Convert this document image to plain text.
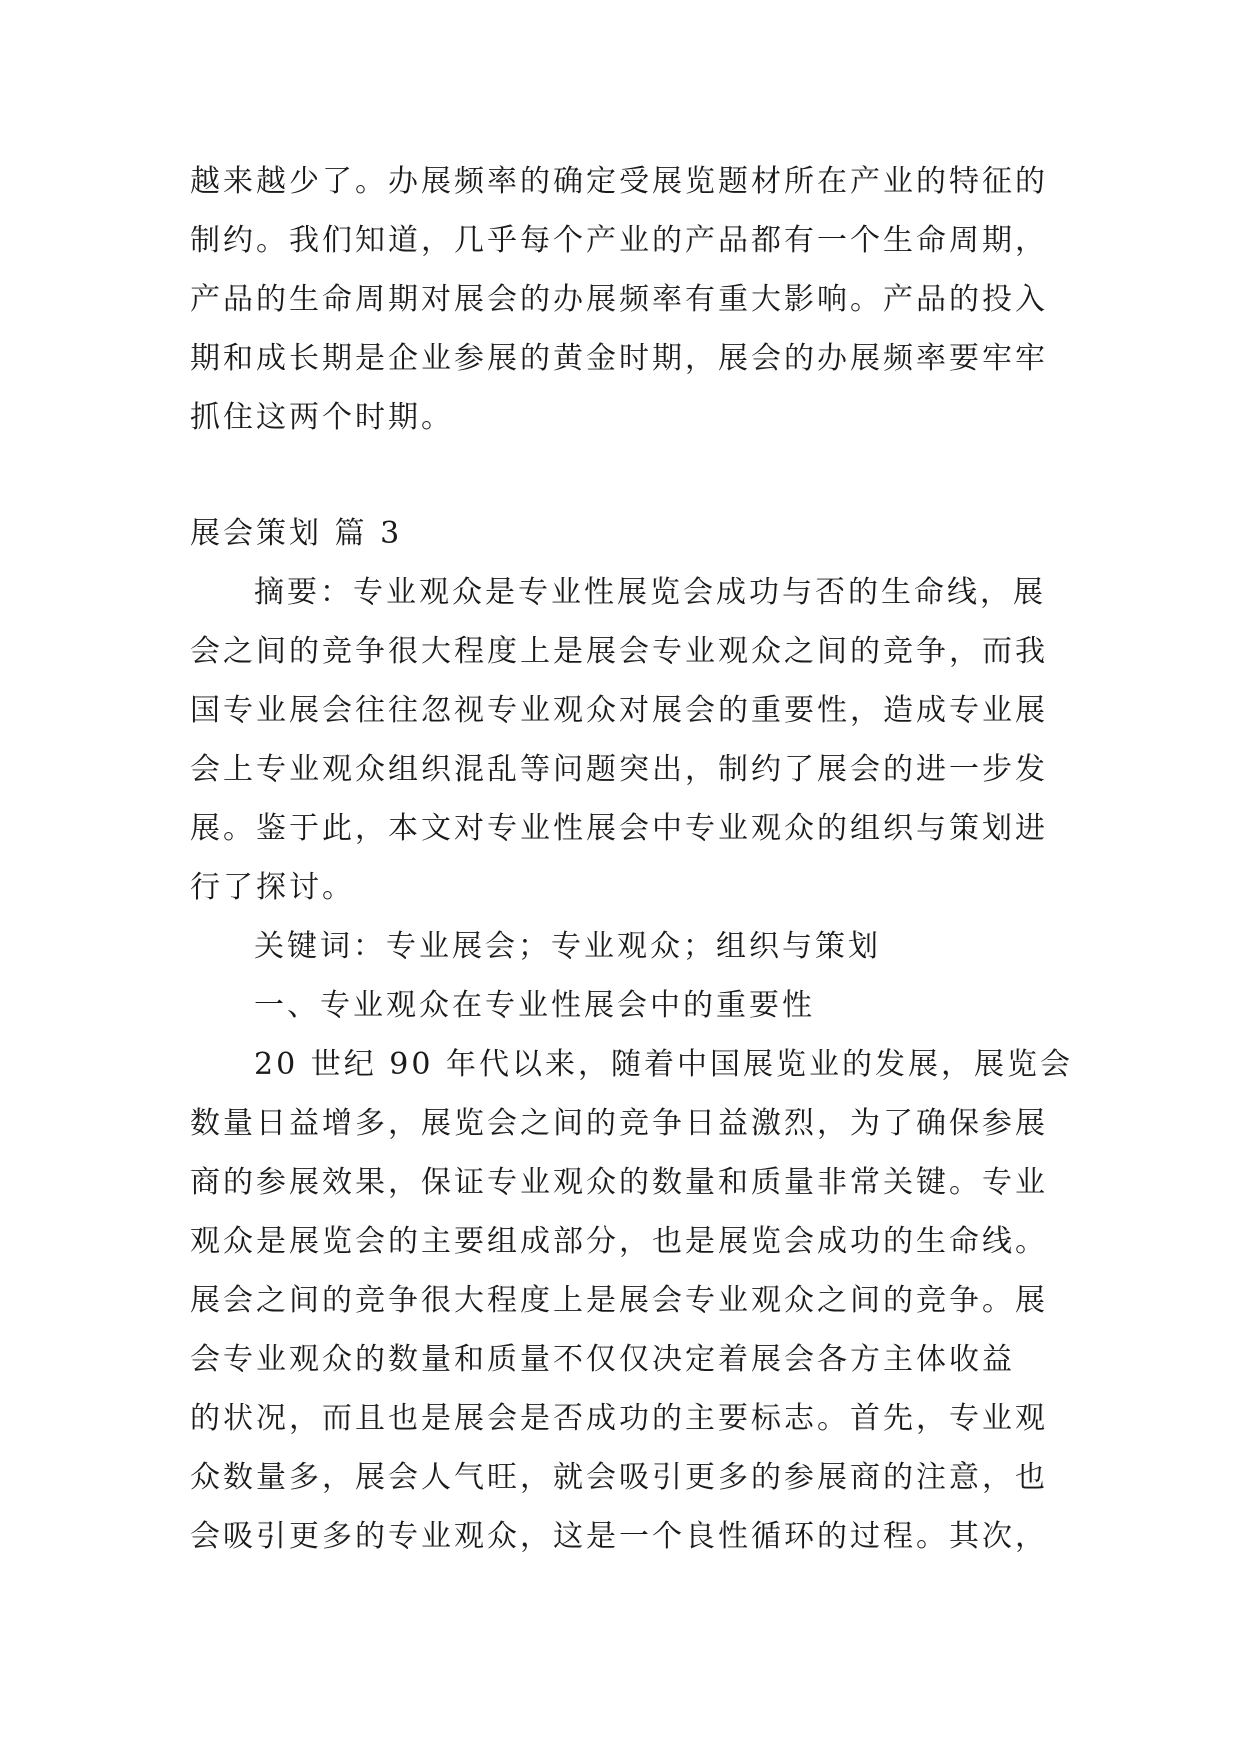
越来越少了。办展频率的确定受展览题材所在产业的特征的
制约。我们知道，几乎每个产业的产品都有一个生命周期，
产品的生命周期对展会的办展频率有重大影响。产品的投入
期和成长期是企业参展的黄金时期，展会的办展频率要牢牢
抓住这两个时期。
展会策划 篇 3
摘要：专业观众是专业性展览会成功与否的生命线，展
会之间的竞争很大程度上是展会专业观众之间的竞争，而我
国专业展会往往忽视专业观众对展会的重要性，造成专业展
会上专业观众组织混乱等问题突出，制约了展会的进一步发
展。鉴于此，本文对专业性展会中专业观众的组织与策划进
行了探讨。
关键词：专业展会；专业观众；组织与策划
一、专业观众在专业性展会中的重要性
20 世纪 90 年代以来，随着中国展览业的发展，展览会
数量日益增多，展览会之间的竞争日益激烈，为了确保参展
商的参展效果，保证专业观众的数量和质量非常关键。专业
观众是展览会的主要组成部分，也是展览会成功的生命线。
展会之间的竞争很大程度上是展会专业观众之间的竞争。展
会专业观众的数量和质量不仅仅决定着展会各方主体收益
的状况，而且也是展会是否成功的主要标志。首先，专业观
众数量多，展会人气旺，就会吸引更多的参展商的注意，也
会吸引更多的专业观众，这是一个良性循环的过程。其次，
